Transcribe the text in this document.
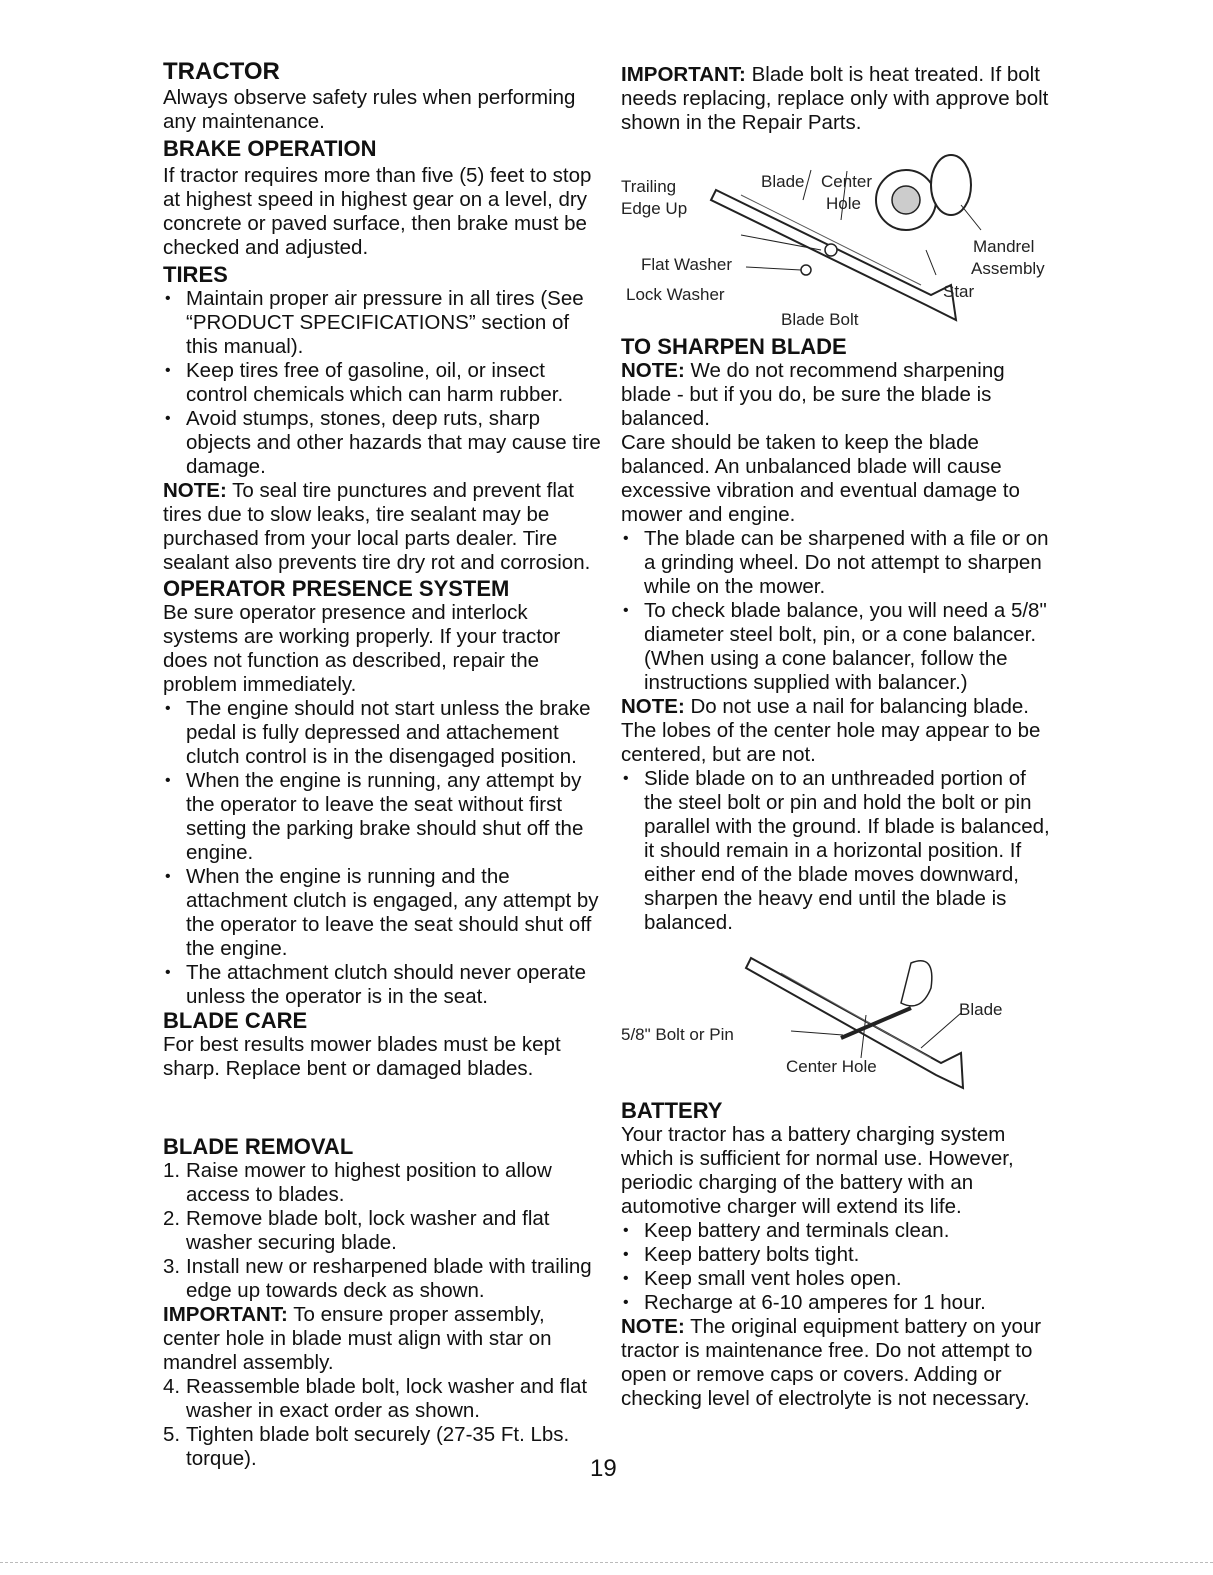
TRACTOR

Always observe safety rules when performing any maintenance.

BRAKE OPERATION

If tractor requires more than five (5) feet to stop at highest speed in highest gear on a level, dry concrete or paved surface, then brake must be checked and adjusted.

TIRES
• Maintain proper air pressure in all tires (See “PRODUCT SPECIFICATIONS” section of this manual).
• Keep tires free of gasoline, oil, or insect control chemicals which can harm rubber.
• Avoid stumps, stones, deep ruts, sharp objects and other hazards that may cause tire damage.

NOTE: To seal tire punctures and prevent flat tires due to slow leaks, tire sealant may be purchased from your local parts dealer. Tire sealant also prevents tire dry rot and corrosion.

OPERATOR PRESENCE SYSTEM

Be sure operator presence and interlock systems are working properly. If your tractor does not function as described, repair the problem immediately.

• The engine should not start unless the brake pedal is fully depressed and attachement clutch control is in the disengaged position.
• When the engine is running, any attempt by the operator to leave the seat without first setting the parking brake should shut off the engine.
• When the engine is running and the attachment clutch is engaged, any attempt by the operator to leave the seat should shut off the engine.
• The attachment clutch should never operate unless the operator is in the seat.
BLADE CARE

For best results mower blades must be kept sharp. Replace bent or damaged blades.

BLADE REMOVAL
1. Raise mower to highest position to allow access to blades.
2. Remove blade bolt, lock washer and flat washer securing blade.
3. Install new or resharpened blade with trailing edge up towards deck as shown.

IMPORTANT: To ensure proper assembly, center hole in blade must align with star on mandrel assembly.

4. Reassemble blade bolt, lock washer and flat washer in exact order as shown.
5. Tighten blade bolt securely (27-35 Ft. Lbs. torque).

IMPORTANT: Blade bolt is heat treated. If bolt needs replacing, replace only with approve bolt shown in the Repair Parts.

Trailing
Edge Up
Blade Center
Hole
Mandrel
Assembly
Flat Washer
Lock Washer	Star
Blade Bolt
TO SHARPEN BLADE

NOTE: We do not recommend sharpening blade - but if you do, be sure the blade is balanced.

Care should be taken to keep the blade balanced. An unbalanced blade will cause excessive vibration and eventual damage to mower and engine.

• The blade can be sharpened with a file or on a grinding wheel. Do not attempt to sharpen while on the mower.
• To check blade balance, you will need a 5/8" diameter steel bolt, pin, or a cone balancer. (When using a cone balancer, follow the instructions supplied with balancer.)

NOTE: Do not use a nail for balancing blade. The lobes of the center hole may appear to be centered, but are not.

• Slide blade on to an unthreaded portion of the steel bolt or pin and hold the bolt or pin parallel with the ground. If blade is balanced, it should remain in a horizontal position. If either end of the blade moves downward, sharpen the heavy end until the blade is balanced.
Blade
5/8" Bolt or Pin
Center Hole
BATTERY

Your tractor has a battery charging system which is sufficient for normal use. However, periodic charging of the battery with an automotive charger will extend its life.

• Keep battery and terminals clean.
• Keep battery bolts tight.
• Keep small vent holes open.
• Recharge at 6-10 amperes for 1 hour.

NOTE: The original equipment battery on your tractor is maintenance free. Do not attempt to open or remove caps or covers. Adding or checking level of electrolyte is not necessary.

19
